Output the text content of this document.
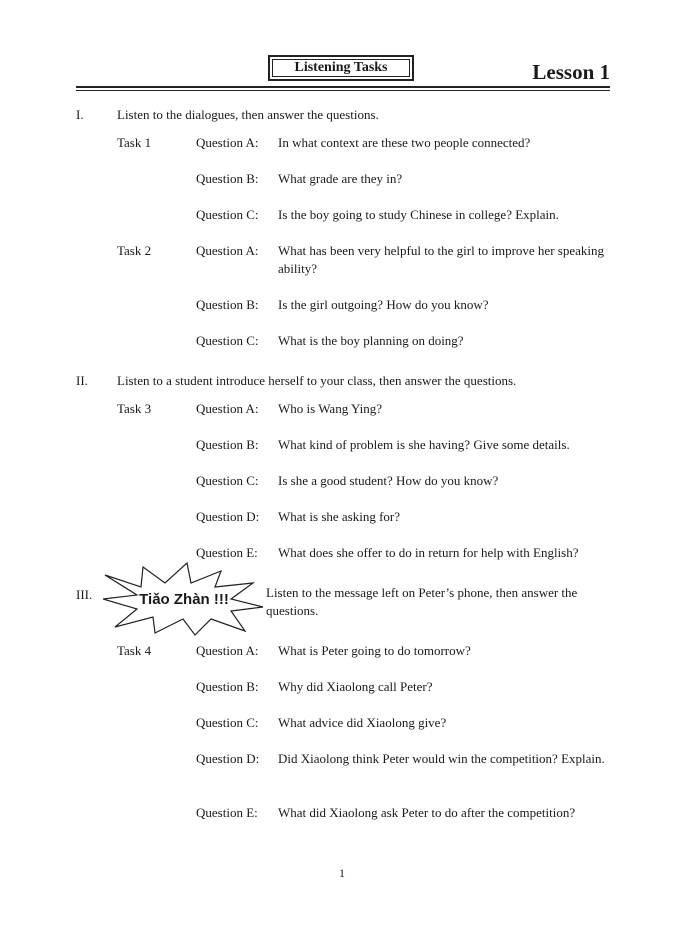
Listening Tasks	Lesson 1
I.	Listen to the dialogues, then answer the questions.
Task 1	Question A: In what context are these two people connected?
Question B: What grade are they in?
Question C: Is the boy going to study Chinese in college? Explain.
Task 2	Question A: What has been very helpful to the girl to improve her speaking ability?
Question B: Is the girl outgoing? How do you know?
Question C: What is the boy planning on doing?
II. Listen to a student introduce herself to your class, then answer the questions.
Task 3	Question A: Who is Wang Ying?
Question B: What kind of problem is she having? Give some details.
Question C: Is she a good student? How do you know?
Question D: What is she asking for?
Question E: What does she offer to do in return for help with English?
III.	Tiǎo Zhàn !!!	Listen to the message left on Peter’s phone, then answer the questions.
Task 4	Question A: What is Peter going to do tomorrow?
Question B: Why did Xiaolong call Peter?
Question C: What advice did Xiaolong give?
Question D: Did Xiaolong think Peter would win the competition? Explain.
Question E: What did Xiaolong ask Peter to do after the competition?
1
